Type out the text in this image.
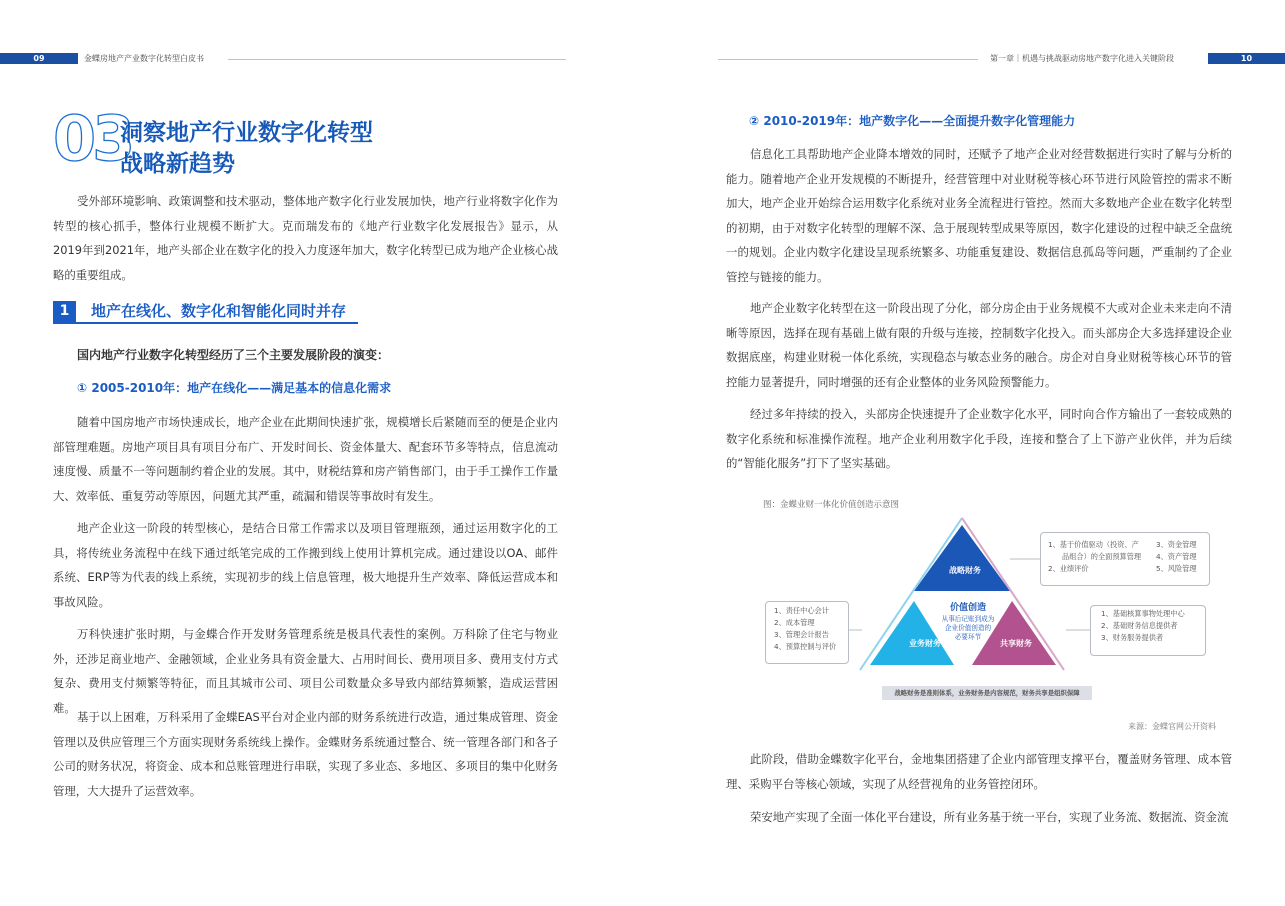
09	金蝶房地产产业数字化转型白皮书	第一章｜机遇与挑战驱动房地产数字化进入关键阶段	10
03
洞察地产行业数字化转型
战略新趋势
受外部环境影响、政策调整和技术驱动，整体地产数字化行业发展加快，地产行业将数字化作为转型的核心抓手，整体行业规模不断扩大。克而瑞发布的《地产行业数字化发展报告》显示，从2019年到2021年，地产头部企业在数字化的投入力度逐年加大，数字化转型已成为地产企业核心战略的重要组成。
1	地产在线化、数字化和智能化同时并存
国内地产行业数字化转型经历了三个主要发展阶段的演变：
① 2005-2010年：地产在线化——满足基本的信息化需求
随着中国房地产市场快速成长，地产企业在此期间快速扩张，规模增长后紧随而至的便是企业内部管理难题。房地产项目具有项目分布广、开发时间长、资金体量大、配套环节多等特点，信息流动速度慢、质量不一等问题制约着企业的发展。其中，财税结算和房产销售部门，由于手工操作工作量大、效率低、重复劳动等原因，问题尤其严重，疏漏和错误等事故时有发生。
地产企业这一阶段的转型核心，是结合日常工作需求以及项目管理瓶颈，通过运用数字化的工具，将传统业务流程中在线下通过纸笔完成的工作搬到线上使用计算机完成。通过建设以OA、邮件系统、ERP等为代表的线上系统，实现初步的线上信息管理，极大地提升生产效率、降低运营成本和事故风险。
万科快速扩张时期，与金蝶合作开发财务管理系统是极具代表性的案例。万科除了住宅与物业外，还涉足商业地产、金融领域，企业业务具有资金量大、占用时间长、费用项目多、费用支付方式复杂、费用支付频繁等特征，而且其城市公司、项目公司数量众多导致内部结算频繁，造成运营困难。
基于以上困难，万科采用了金蝶EAS平台对企业内部的财务系统进行改造，通过集成管理、资金管理以及供应管理三个方面实现财务系统线上操作。金蝶财务系统通过整合、统一管理各部门和各子公司的财务状况，将资金、成本和总账管理进行串联，实现了多业态、多地区、多项目的集中化财务管理，大大提升了运营效率。
② 2010-2019年：地产数字化——全面提升数字化管理能力
信息化工具帮助地产企业降本增效的同时，还赋予了地产企业对经营数据进行实时了解与分析的能力。随着地产企业开发规模的不断提升，经营管理中对业财税等核心环节进行风险管控的需求不断加大，地产企业开始综合运用数字化系统对业务全流程进行管控。然而大多数地产企业在数字化转型的初期，由于对数字化转型的理解不深、急于展现转型成果等原因，数字化建设的过程中缺乏全盘统一的规划。企业内数字化建设呈现系统繁多、功能重复建设、数据信息孤岛等问题，严重制约了企业管控与链接的能力。
地产企业数字化转型在这一阶段出现了分化，部分房企由于业务规模不大或对企业未来走向不清晰等原因，选择在现有基础上做有限的升级与连接，控制数字化投入。而头部房企大多选择建设企业数据底座，构建业财税一体化系统，实现稳态与敏态业务的融合。房企对自身业财税等核心环节的管控能力显著提升，同时增强的还有企业整体的业务风险预警能力。
经过多年持续的投入，头部房企快速提升了企业数字化水平，同时向合作方输出了一套较成熟的数字化系统和标准操作流程。地产企业利用数字化手段，连接和整合了上下游产业伙伴，并为后续的“智能化服务”打下了坚实基础。
图：金蝶业财一体化价值创造示意图
战略财务
业务财务	共享财务
价值创造
从事后记账到成为
企业价值创造的
必要环节
战略财务是准则体系，业务财务是内容规范，财务共享是组织保障
1、基于价值驱动（投资、产
品组合）的全面预算管理
2、业绩评价
3、资金管理
4、资产管理
5、风险管理
1、责任中心会计
2、成本管理
3、管理会计报告
4、预算控制与评价
1、基础核算事物处理中心
2、基础财务信息提供者
3、财务服务提供者
来源：金蝶官网公开资料
此阶段，借助金蝶数字化平台，金地集团搭建了企业内部管理支撑平台，覆盖财务管理、成本管理、采购平台等核心领域，实现了从经营视角的业务管控闭环。
荣安地产实现了全面一体化平台建设，所有业务基于统一平台，实现了业务流、数据流、资金流
